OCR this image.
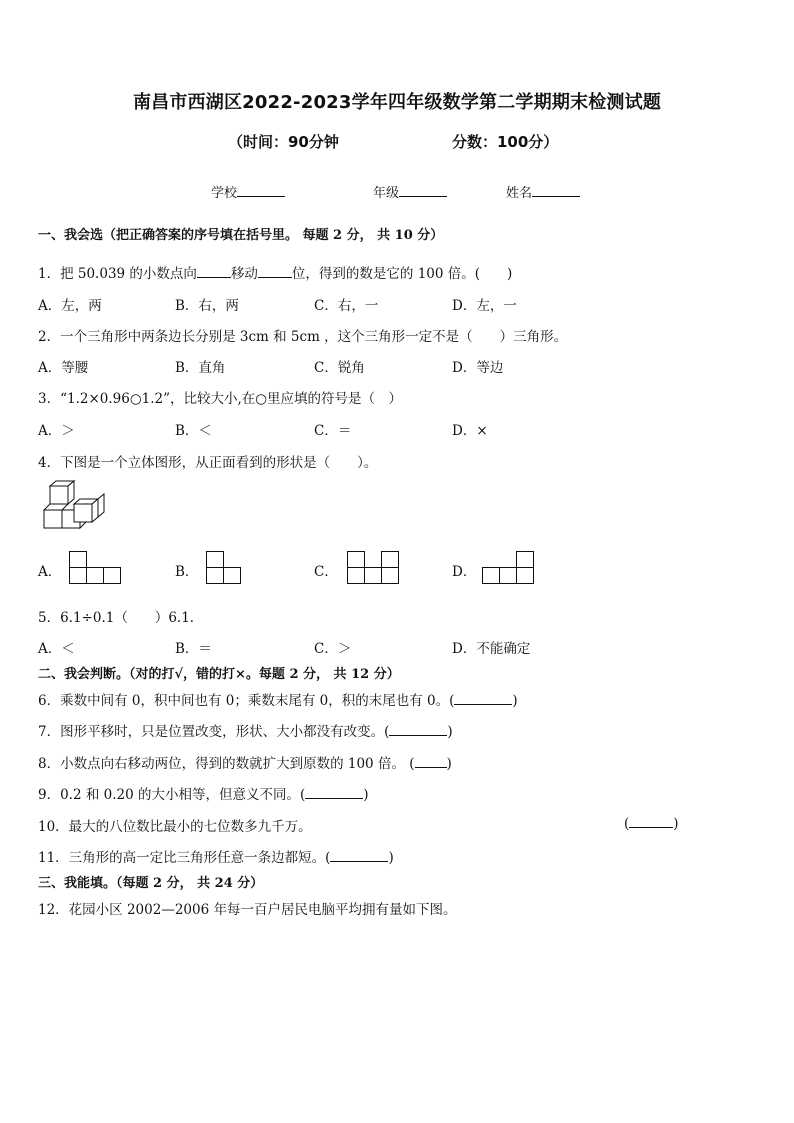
南昌市西湖区2022-2023学年四年级数学第二学期期末检测试题
（时间：90分钟	分数：100分）
学校	年级	姓名
一、我会选（把正确答案的序号填在括号里。 每题 2 分， 共 10 分）
1．把 50.039 的小数点向	移动	位，得到的数是它的 100 倍。(　　)
A．左，两	B．右，两	C．右，一	D．左，一
2．一个三角形中两条边长分别是 3cm 和 5cm ，这个三角形一定不是（　　）三角形。
A．等腰	B．直角	C．锐角	D．等边
3．“1.2×0.96○1.2”，比较大小,在○里应填的符号是（　）
A．＞	B．＜	C．＝	D．×
4．下图是一个立体图形，从正面看到的形状是（　　）。
A．	B．	C．	D．
5．6.1÷0.1（　　）6.1．
A．＜	B．＝	C．＞	D．不能确定
二、我会判断。（对的打√，错的打×。每题 2 分， 共 12 分）
6．乘数中间有 0，积中间也有 0；乘数末尾有 0，积的末尾也有 0。(	)
7．图形平移时，只是位置改变，形状、大小都没有改变。(	)
8．小数点向右移动两位，得到的数就扩大到原数的 100 倍。 ( )
9．0.2 和 0.20 的大小相等，但意义不同。(	)
10．最大的八位数比最小的七位数多九千万。	(	)
11．三角形的高一定比三角形任意一条边都短。(	)
三、我能填。（每题 2 分， 共 24 分）
12．花园小区 2002—2006 年每一百户居民电脑平均拥有量如下图。
